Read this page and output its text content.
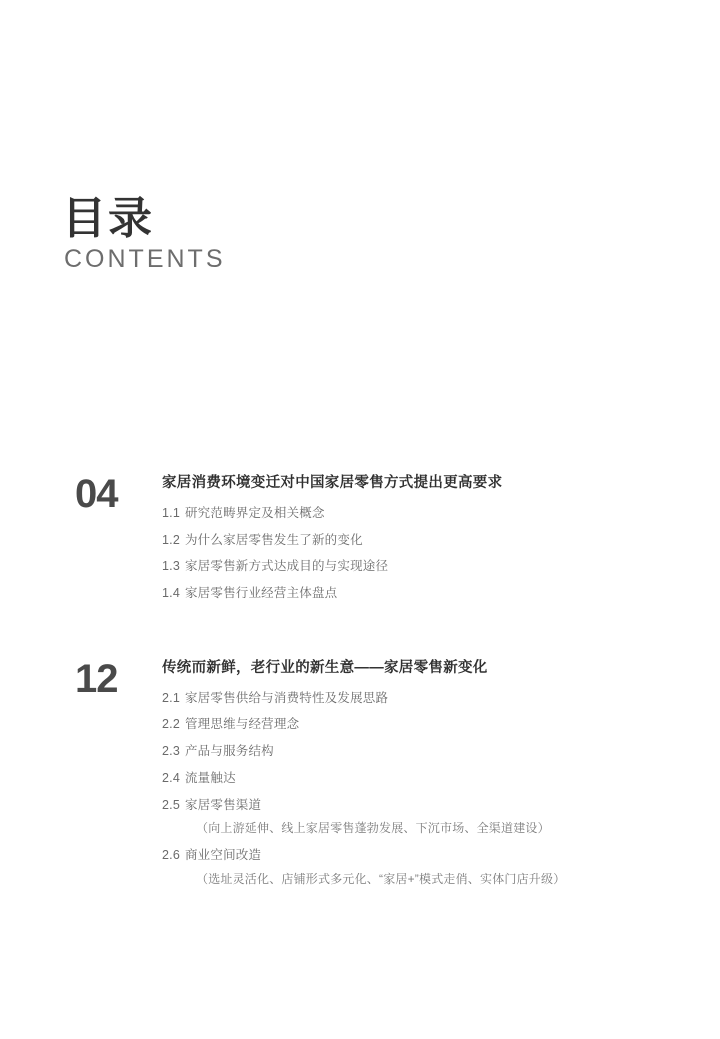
目录
CONTENTS
04	家居消费环境变迁对中国家居零售方式提出更高要求
1.1 研究范畴界定及相关概念
1.2 为什么家居零售发生了新的变化
1.3 家居零售新方式达成目的与实现途径
1.4 家居零售行业经营主体盘点
12	传统而新鲜，老行业的新生意——家居零售新变化
2.1 家居零售供给与消费特性及发展思路
2.2 管理思维与经营理念
2.3 产品与服务结构
2.4 流量触达
2.5 家居零售渠道
（向上游延伸、线上家居零售蓬勃发展、下沉市场、全渠道建设）
2.6 商业空间改造
（选址灵活化、店铺形式多元化、“家居+”模式走俏、实体门店升级）
